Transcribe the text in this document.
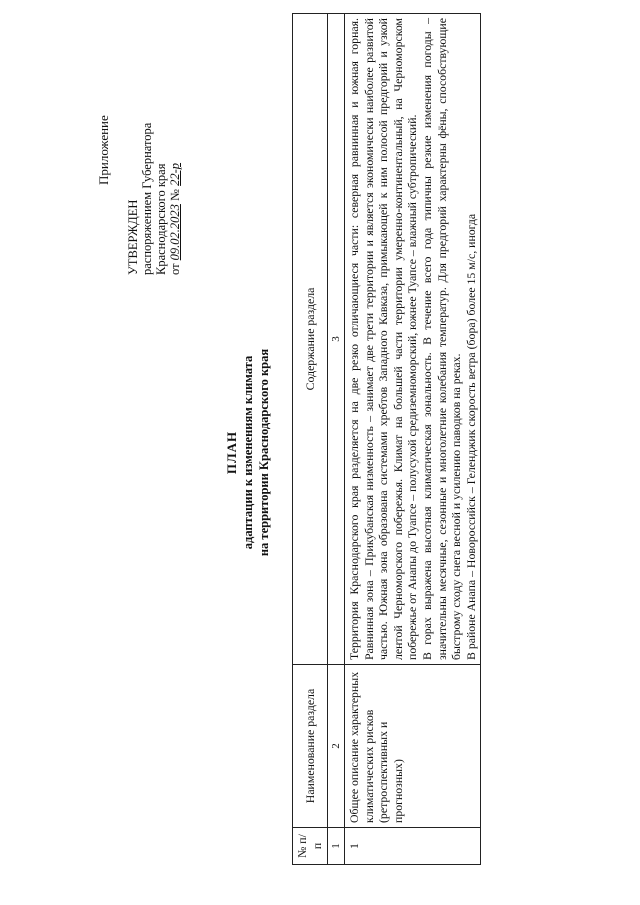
Приложение
УТВЕРЖДЕН распоряжением Губернатора Краснодарского края от 09.02.2023 № 22-р
ПЛАН адаптации к изменениям климата на территории Краснодарского края
№ п/п	Наименование раздела	Содержание раздела
1	2	3
1	Общее описание характерных климатических рисков (ретроспективных и прогнозных)	Территория Краснодарского края разделяется на две резко отличающиеся части: северная равнинная и южная горная. Равнинная зона – Прикубанская низменность – занимает две трети территории и является экономически наиболее развитой частью. Южная зона образована системами хребтов Западного Кавказа, примыкающей к ним полосой предгорий и узкой лентой Черноморского побережья. Климат на большей части территории умеренно-континентальный, на Черноморском побережье от Анапы до Туапсе – полусухой средиземноморский, южнее Туапсе – влажный субтропический. В горах выражена высотная климатическая зональность. В течение всего года типичны резкие изменения погоды – значительны месячные, сезонные и многолетние колебания температур. Для предгорий характерны фёны, способствующие быстрому сходу снега весной и усилению паводков на реках. В районе Анапа – Новороссийск – Геленджик скорость ветра (бора) более 15 м/с, иногда
